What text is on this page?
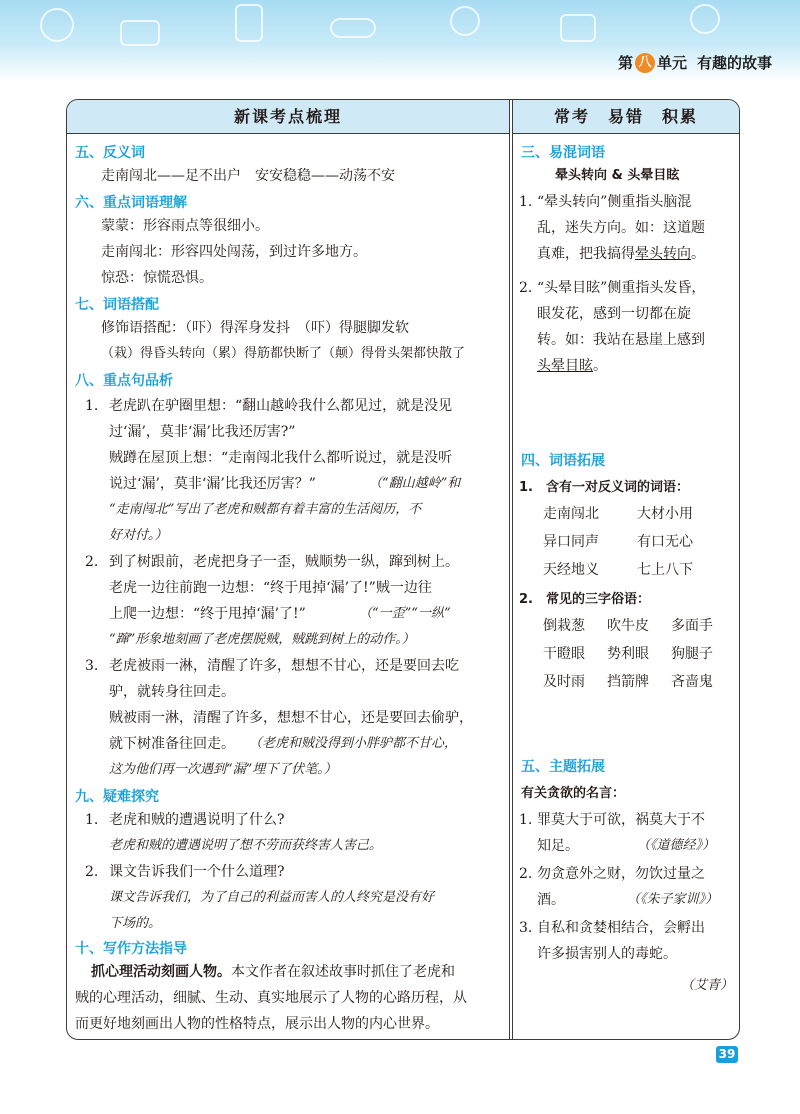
第 八 单元 有趣的故事
新课考点梳理	常考　易错　积累
五、反义词
走南闯北——足不出户　安安稳稳——动荡不安
六、重点词语理解
蒙蒙：形容雨点等很细小。
走南闯北：形容四处闯荡，到过许多地方。
惊恐：惊慌恐惧。
七、词语搭配
修饰语搭配：（吓）得浑身发抖　（吓）得腿脚发软
（栽）得昏头转向（累）得筋都快断了（颠）得骨头架都快散了
八、重点句品析
1. 老虎趴在驴圈里想：“翻山越岭我什么都见过，就是没见
过‘漏’，莫非‘漏’比我还厉害?”
贼蹲在屋顶上想：“走南闯北我什么都听说过，就是没听
说过‘漏’，莫非‘漏’比我还厉害？”	（“翻山越岭”和
“走南闯北”写出了老虎和贼都有着丰富的生活阅历，不
好对付。）
2. 到了树跟前，老虎把身子一歪，贼顺势一纵，蹿到树上。
老虎一边往前跑一边想：“终于甩掉‘漏’了!”贼一边往
上爬一边想：“终于甩掉‘漏’了!”	（“一歪”“一纵”
“蹿”形象地刻画了老虎摆脱贼，贼跳到树上的动作。）
3. 老虎被雨一淋，清醒了许多，想想不甘心，还是要回去吃
驴，就转身往回走。
贼被雨一淋，清醒了许多，想想不甘心，还是要回去偷驴，
就下树准备往回走。 （老虎和贼没得到小胖驴都不甘心，
这为他们再一次遇到“漏”埋下了伏笔。）
九、疑难探究
1. 老虎和贼的遭遇说明了什么?
老虎和贼的遭遇说明了想不劳而获终害人害己。
2. 课文告诉我们一个什么道理?
课文告诉我们，为了自己的利益而害人的人终究是没有好
下场的。
十、写作方法指导
抓心理活动刻画人物。 本文作者在叙述故事时抓住了老虎和
贼的心理活动，细腻、生动、真实地展示了人物的心路历程，从
而更好地刻画出人物的性格特点，展示出人物的内心世界。
三、易混词语
晕头转向 & 头晕目眩
1. “晕头转向”侧重指头脑混
乱，迷失方向。如：这道题
真难，把我搞得晕头转向。
2. “头晕目眩”侧重指头发昏，
眼发花，感到一切都在旋
转。如：我站在悬崖上感到
头晕目眩。
四、词语拓展
1.　含有一对反义词的词语：
走南闯北	大材小用
异口同声	有口无心
天经地义	七上八下
2.　常见的三字俗语：
倒栽葱 吹牛皮 多面手
干瞪眼 势利眼 狗腿子
及时雨 挡箭牌 吝啬鬼
五、主题拓展
有关贪欲的名言：
1. 罪莫大于可欲，祸莫大于不
知足。	（《道德经》）
2. 勿贪意外之财，勿饮过量之
酒。	（《朱子家训》）
3. 自私和贪婪相结合，会孵出
许多损害别人的毒蛇。
（艾青）
39
